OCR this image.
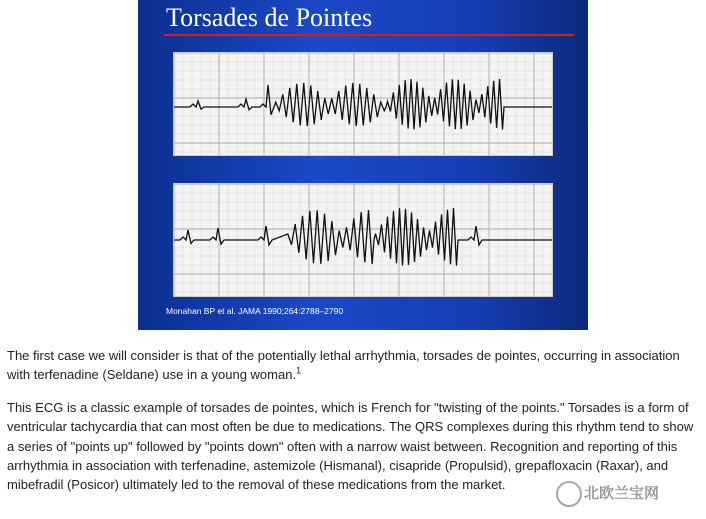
Torsades de Pointes

Monahan BP et al. JAMA 1990;264:2788–2790

The first case we will consider is that of the potentially lethal arrhythmia, torsades de pointes, occurring in association with terfenadine (Seldane) use in a young woman.$^1$

This ECG is a classic example of torsades de pointes, which is French for "twisting of the points." Torsades is a form of ventricular tachycardia that can most often be due to medications. The QRS complexes during this rhythm tend to show a series of "points up" followed by "points down" often with a narrow waist between. Recognition and reporting of this arrhythmia in association with terfenadine, astemizole (Hismanal), cisapride (Propulsid), grepafloxacin (Raxar), and mibefradil (Posicor) ultimately led to the removal of these medications from the market.

北欧兰宝网
